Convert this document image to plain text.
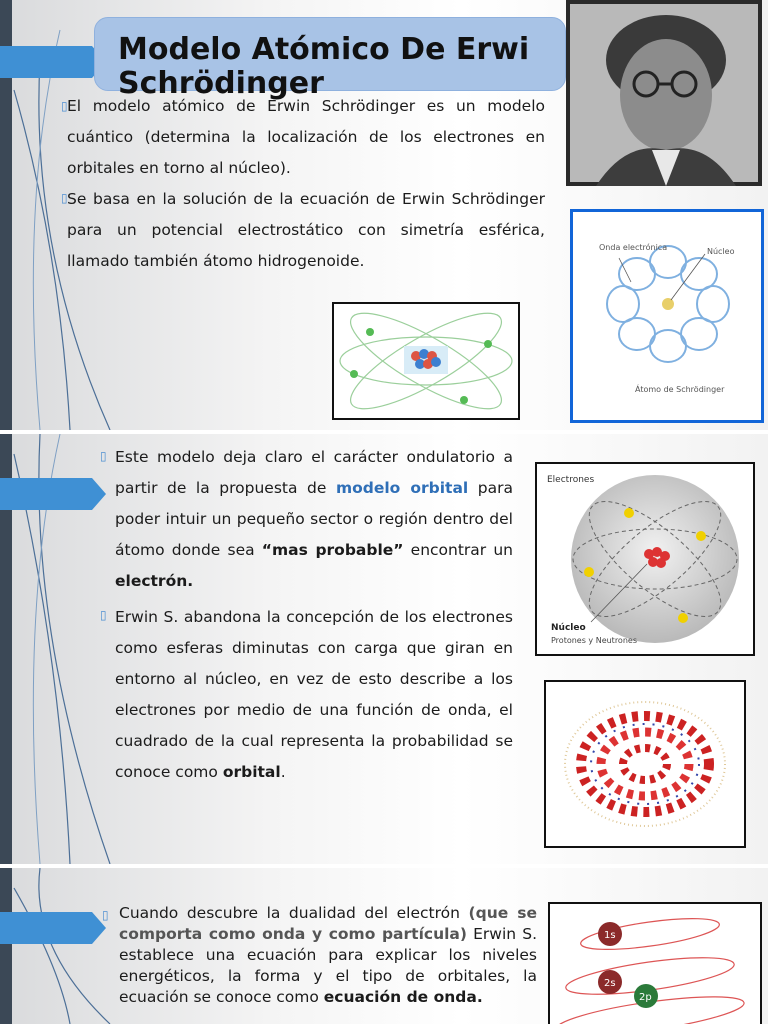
Modelo Atómico De Erwi Schrödinger
▯ El modelo atómico de Erwin Schrödinger es un modelo cuántico (determina la localización de los electrones en orbitales en torno al núcleo).
▯ Se basa en la solución de la ecuación de Erwin Schrödinger para un potencial electrostático con simetría esférica, llamado también átomo hidrogenoide.
Onda electrónica	Núcleo
Átomo de Schrödinger
▯ Este modelo deja claro el carácter ondulatorio a partir de la propuesta de modelo orbital para poder intuir un pequeño sector o región dentro del átomo donde sea “mas probable” encontrar un electrón.
▯ Erwin S. abandona la concepción de los electrones como esferas diminutas con carga que giran en entorno al núcleo, en vez de esto describe a los electrones por medio de una función de onda, el cuadrado de la cual representa la probabilidad se conoce como orbital.
Electrones
Núcleo
Protones y Neutrones
▯ Cuando descubre la dualidad del electrón (que se comporta como onda y como partícula) Erwin S. establece una ecuación para explicar los niveles energéticos, la forma y el tipo de orbitales, la ecuación se conoce como ecuación de onda.
1s
2s
2p
